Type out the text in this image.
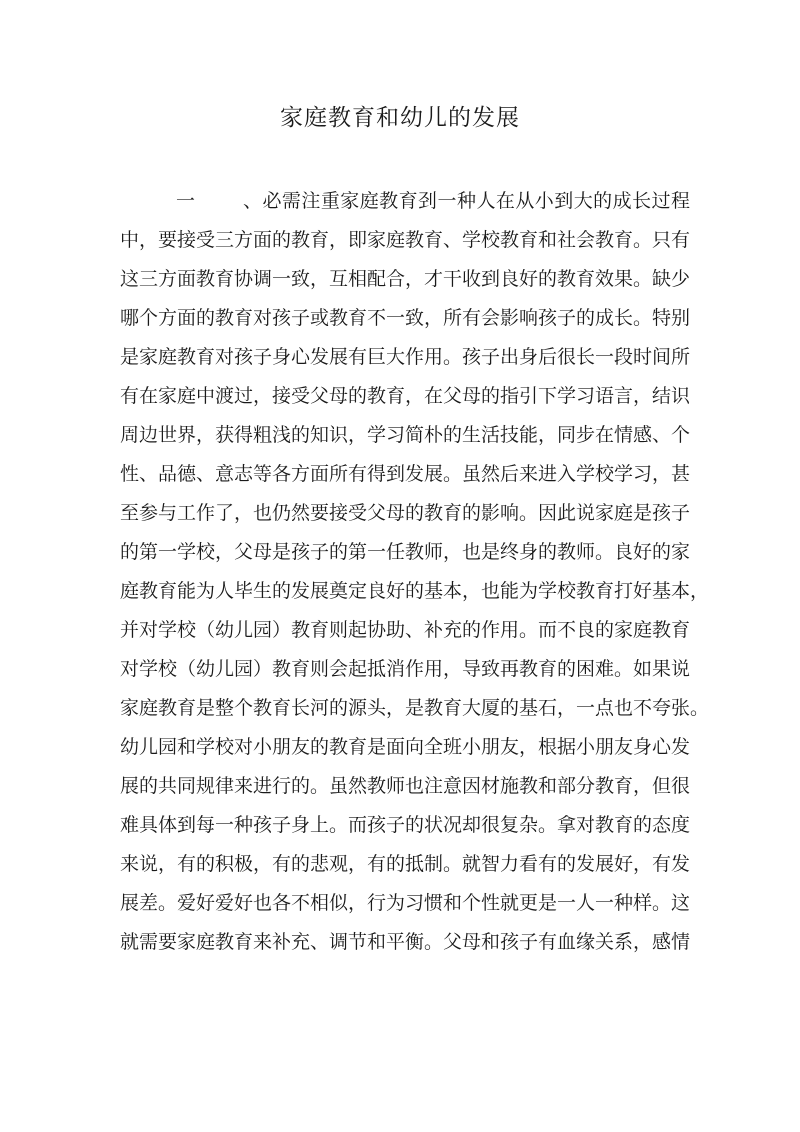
家庭教育和幼儿的发展
一、必需注重家庭教育刭一种人在从小到大的成长过程
中，要接受三方面的教育，即家庭教育、学校教育和社会教育。只有
这三方面教育协调一致，互相配合，才干收到良好的教育效果。缺少
哪个方面的教育对孩子或教育不一致，所有会影响孩子的成长。特别
是家庭教育对孩子身心发展有巨大作用。孩子出身后很长一段时间所
有在家庭中渡过，接受父母的教育，在父母的指引下学习语言，结识
周边世界，获得粗浅的知识，学习简朴的生活技能，同步在情感、个
性、品德、意志等各方面所有得到发展。虽然后来进入学校学习，甚
至参与工作了，也仍然要接受父母的教育的影响。因此说家庭是孩子
的第一学校，父母是孩子的第一任教师，也是终身的教师。良好的家
庭教育能为人毕生的发展奠定良好的基本，也能为学校教育打好基本，
并对学校（幼儿园）教育则起协助、补充的作用。而不良的家庭教育
对学校（幼儿园）教育则会起抵消作用，导致再教育的困难。如果说
家庭教育是整个教育长河的源头，是教育大厦的基石，一点也不夸张。
幼儿园和学校对小朋友的教育是面向全班小朋友，根据小朋友身心发
展的共同规律来进行的。虽然教师也注意因材施教和部分教育，但很
难具体到每一种孩子身上。而孩子的状况却很复杂。拿对教育的态度
来说，有的积极，有的悲观，有的抵制。就智力看有的发展好，有发
展差。爱好爱好也各不相似，行为习惯和个性就更是一人一种样。这
就需要家庭教育来补充、调节和平衡。父母和孩子有血缘关系，感情
